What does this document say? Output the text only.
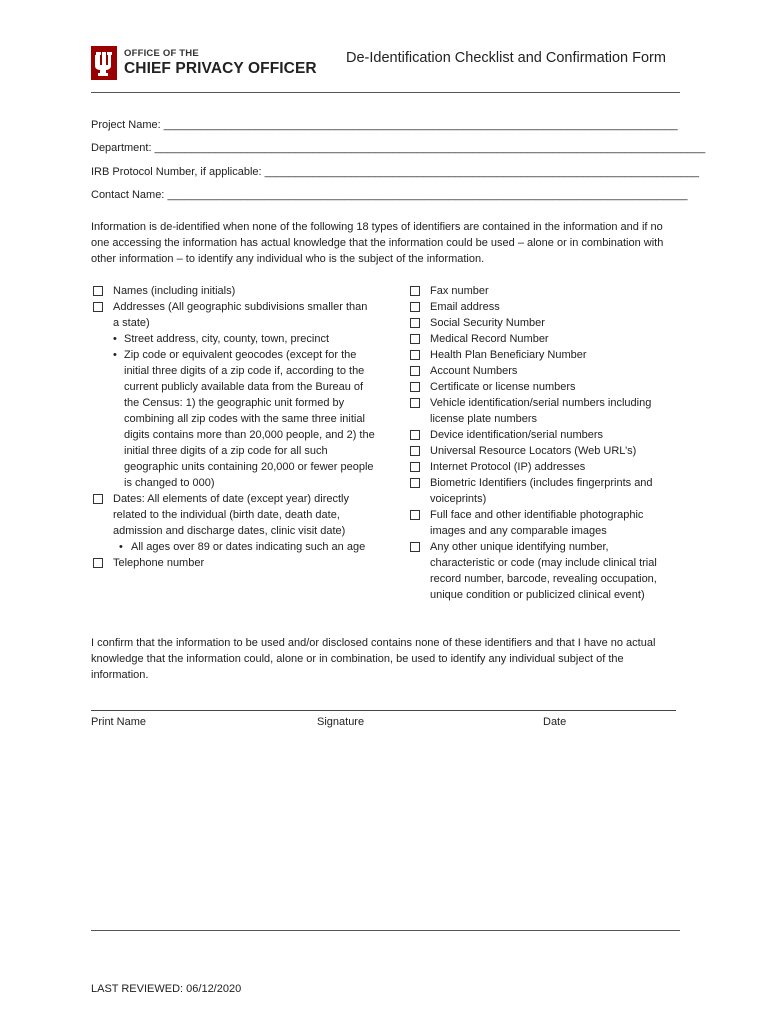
OFFICE OF THE
CHIEF PRIVACY OFFICER
De-Identification Checklist and Confirmation Form
Project Name: ____________________________________________________________________________________
Department: __________________________________________________________________________________________
IRB Protocol Number, if applicable: _______________________________________________________________________
Contact Name: _____________________________________________________________________________________
Information is de-identified when none of the following 18 types of identifiers are contained in the information and if no one accessing the information has actual knowledge that the information could be used – alone or in combination with other information – to identify any individual who is the subject of the information.
Names (including initials)
Addresses (All geographic subdivisions smaller than a state)
• Street address, city, county, town, precinct
• Zip code or equivalent geocodes (except for the initial three digits of a zip code if, according to the current publicly available data from the Bureau of the Census: 1) the geographic unit formed by combining all zip codes with the same three initial digits contains more than 20,000 people, and 2) the initial three digits of a zip code for all such geographic units containing 20,000 or fewer people is changed to 000)
Dates: All elements of date (except year) directly related to the individual (birth date, death date, admission and discharge dates, clinic visit date)
• All ages over 89 or dates indicating such an age
Telephone number
Fax number
Email address
Social Security Number
Medical Record Number
Health Plan Beneficiary Number
Account Numbers
Certificate or license numbers
Vehicle identification/serial numbers including license plate numbers
Device identification/serial numbers
Universal Resource Locators (Web URL’s)
Internet Protocol (IP) addresses
Biometric Identifiers (includes fingerprints and voiceprints)
Full face and other identifiable photographic images and any comparable images
Any other unique identifying number, characteristic or code (may include clinical trial record number, barcode, revealing occupation, unique condition or publicized clinical event)
I confirm that the information to be used and/or disclosed contains none of these identifiers and that I have no actual knowledge that the information could, alone or in combination, be used to identify any individual subject of the information.
Print Name	Signature	Date
LAST REVIEWED: 06/12/2020
